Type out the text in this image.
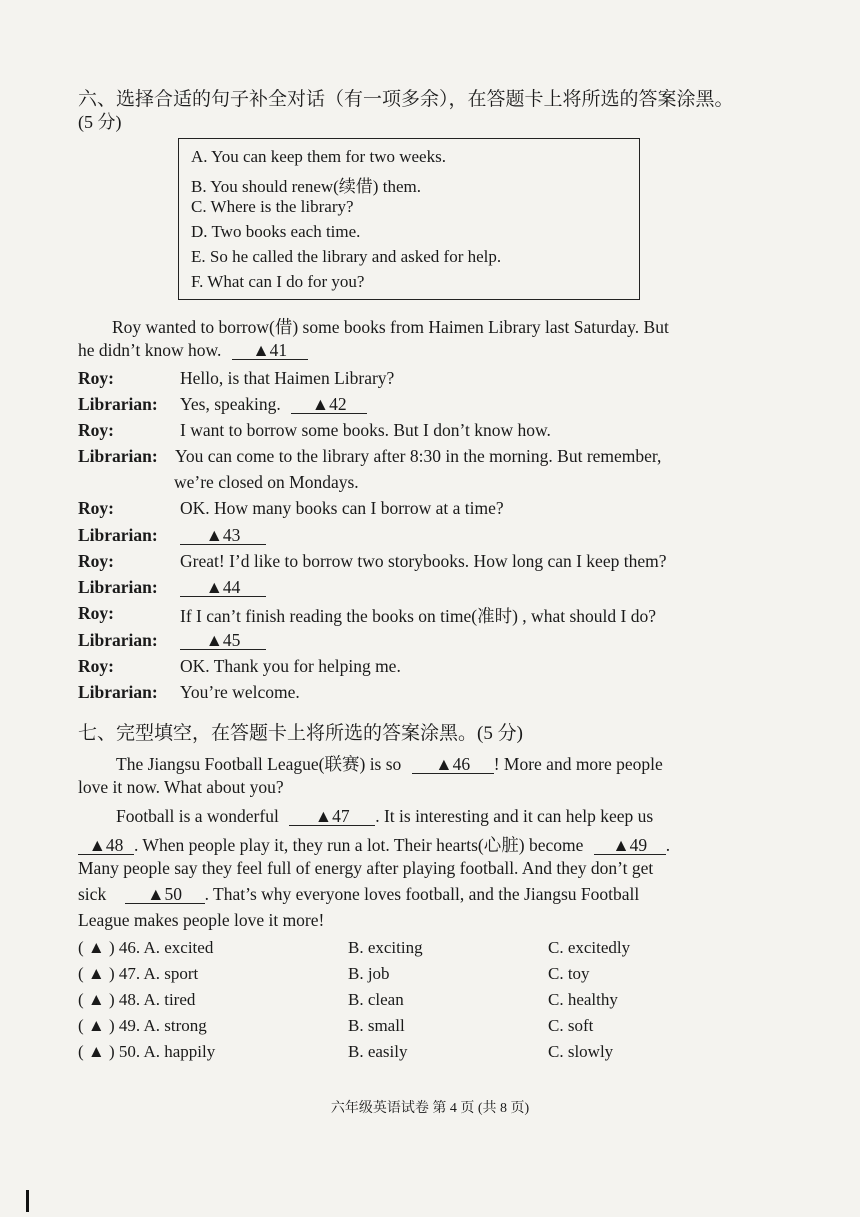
六、选择合适的句子补全对话（有一项多余），在答题卡上将所选的答案涂黑。
(5 分)
A. You can keep them for two weeks.
B. You should renew(续借) them.
C. Where is the library?
D. Two books each time.
E. So he called the library and asked for help.
F. What can I do for you?
Roy wanted to borrow(借) some books from Haimen Library last Saturday. But
he didn’t know how. ▲41
Roy:	Hello, is that Haimen Library?
Librarian: Yes, speaking. ▲42
Roy:	I want to borrow some books. But I don’t know how.
Librarian: You can come to the library after 8:30 in the morning. But remember,
we’re closed on Mondays.
Roy:	OK. How many books can I borrow at a time?
Librarian:	▲43
Roy:	Great! I’d like to borrow two storybooks. How long can I keep them?
Librarian:	▲44
Roy:	If I can’t finish reading the books on time(准时) , what should I do?
Librarian:	▲45
Roy:	OK. Thank you for helping me.
Librarian: You’re welcome.
七、完型填空，在答题卡上将所选的答案涂黑。(5 分)
The Jiangsu Football League(联赛) is so ▲46 ! More and more people
love it now. What about you?
Football is a wonderful ▲47 . It is interesting and it can help keep us
▲48 . When people play it, they run a lot. Their hearts(心脏) become ▲49 .
Many people say they feel full of energy after playing football. And they don’t get
sick ▲50 . That’s why everyone loves football, and the Jiangsu Football
League makes people love it more!
( ▲ ) 46. A. excited	B. exciting	C. excitedly
( ▲ ) 47. A. sport	B. job	C. toy
( ▲ ) 48. A. tired	B. clean	C. healthy
( ▲ ) 49. A. strong	B. small	C. soft
( ▲ ) 50. A. happily	B. easily	C. slowly
六年级英语试卷 第 4 页 (共 8 页)
